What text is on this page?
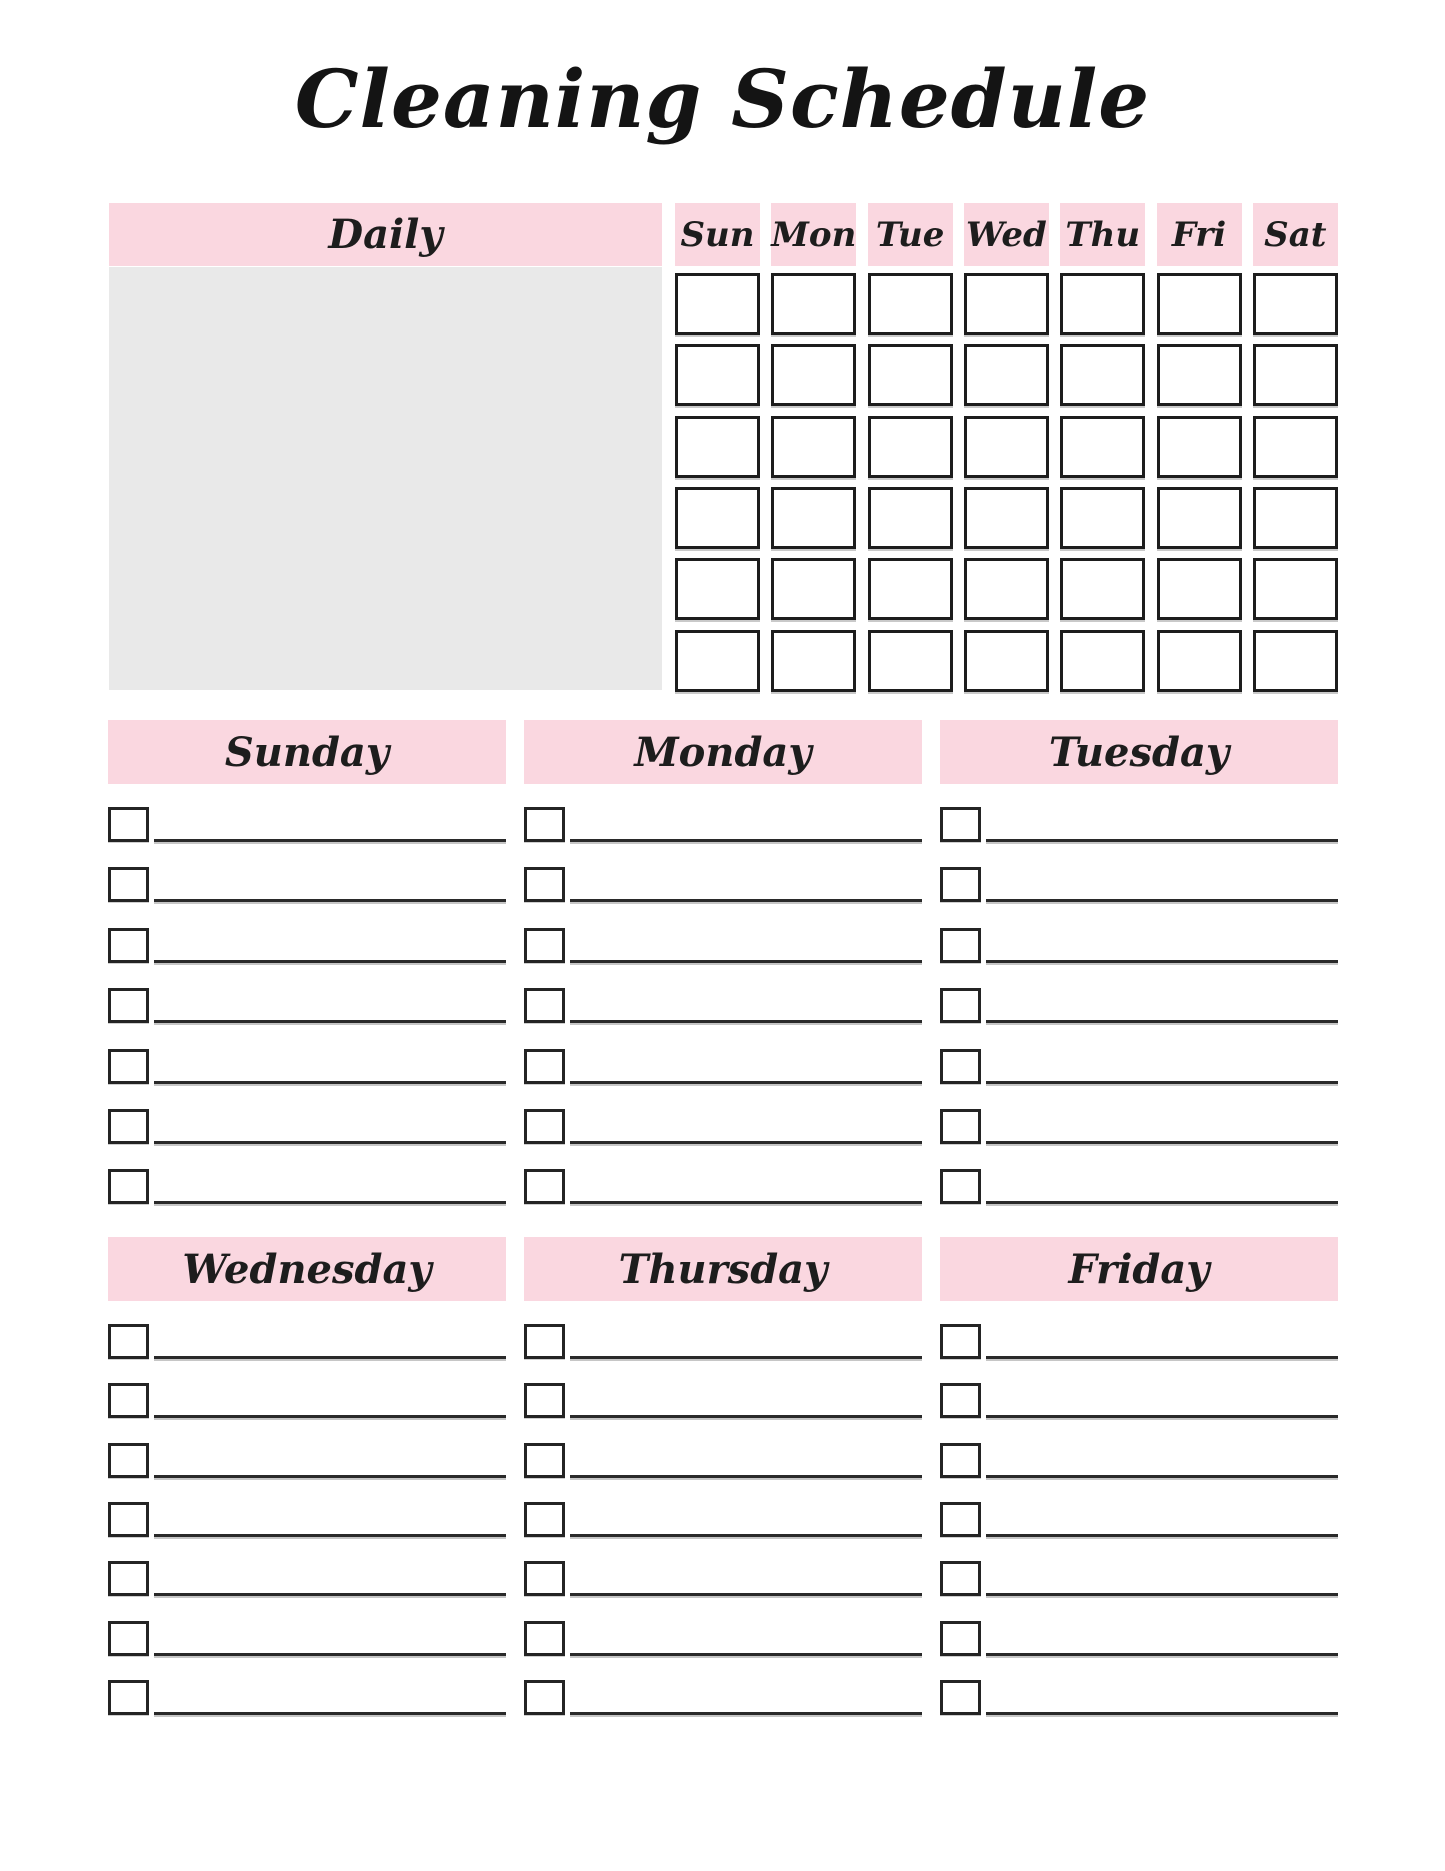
Cleaning Schedule
Daily	Sun Mon Tue Wed Thu Fri	Sat
Sunday	Monday	Tuesday
Wednesday	Thursday	Friday
